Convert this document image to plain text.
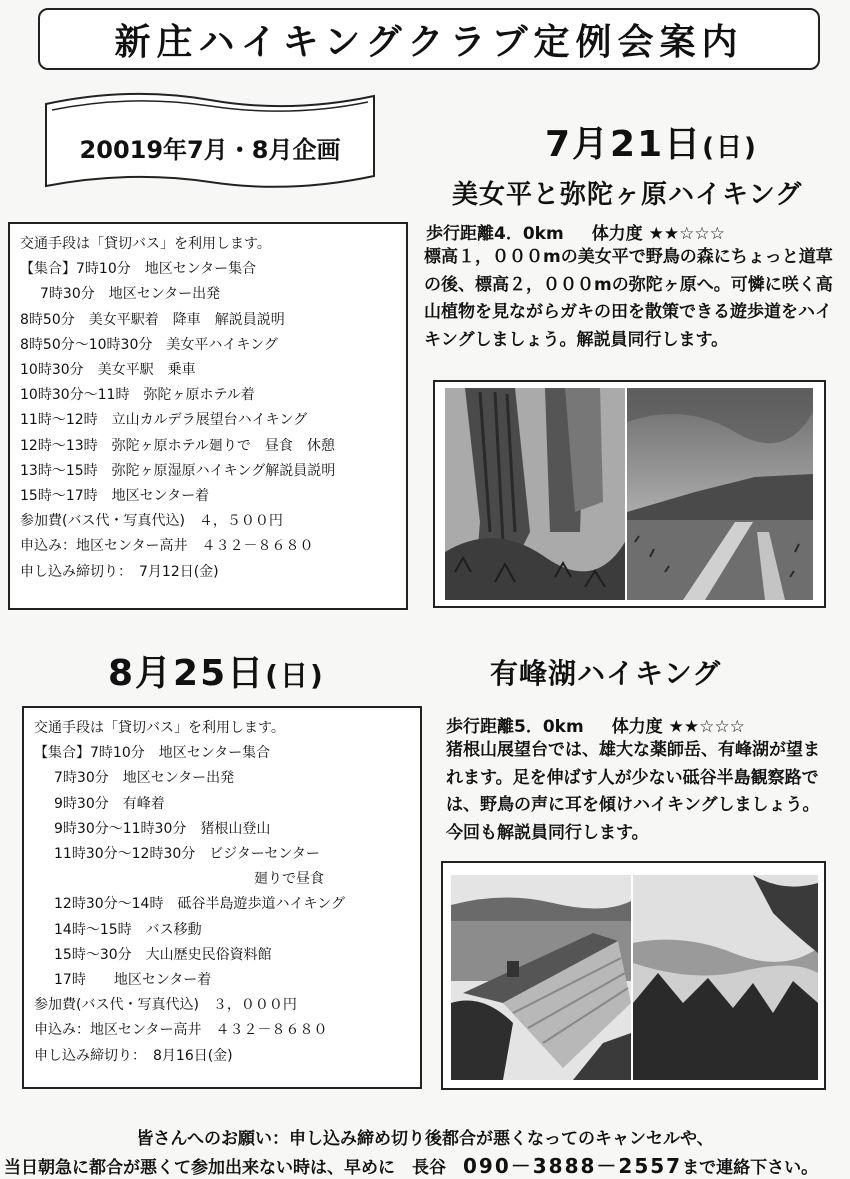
新庄ハイキングクラブ定例会案内
20019年7月・8月企画	7月21日(日)
美女平と弥陀ヶ原ハイキング
歩行距離4．0km 体力度 ★★☆☆☆
標高１，０００mの美女平で野鳥の森にちょっと道草の後、標高２，０００mの弥陀ヶ原へ。可憐に咲く高山植物を見ながらガキの田を散策できる遊歩道をハイキングしましょう。解説員同行します。
交通手段は「貸切バス」を利用します。
【集合】7時10分　地区センター集合
7時30分　地区センター出発
8時50分　美女平駅着　降車　解説員説明
8時50分～10時30分　美女平ハイキング
10時30分　美女平駅　乗車
10時30分～11時　弥陀ヶ原ホテル着
11時～12時　立山カルデラ展望台ハイキング
12時～13時　弥陀ヶ原ホテル廻りで　昼食　休憩
13時～15時　弥陀ヶ原湿原ハイキング解説員説明
15時～17時　地区センター着
参加費(バス代・写真代込)　４，５００円
申込み：地区センター高井　４３２－８６８０
申し込み締切り：　7月12日(金)
8月25日(日)	有峰湖ハイキング
歩行距離5．0km 体力度 ★★☆☆☆
猪根山展望台では、雄大な薬師岳、有峰湖が望まれます。足を伸ばす人が少ない砥谷半島観察路では、野鳥の声に耳を傾けハイキングしましょう。今回も解説員同行します。
交通手段は「貸切バス」を利用します。
【集合】7時10分　地区センター集合
7時30分　地区センター出発
9時30分　有峰着
9時30分～11時30分　猪根山登山
11時30分～12時30分　ビジターセンター
廻りで昼食
12時30分～14時　砥谷半島遊歩道ハイキング
14時～15時　バス移動
15時～30分　大山歴史民俗資料館
17時　　地区センター着
参加費(バス代・写真代込)　３，０００円
申込み：地区センター高井　４３２－８６８０
申し込み締切り：　8月16日(金)
皆さんへのお願い：申し込み締め切り後都合が悪くなってのキャンセルや、
当日朝急に都合が悪くて参加出来ない時は、早めに　長谷　090－3888－2557まで連絡下さい。
